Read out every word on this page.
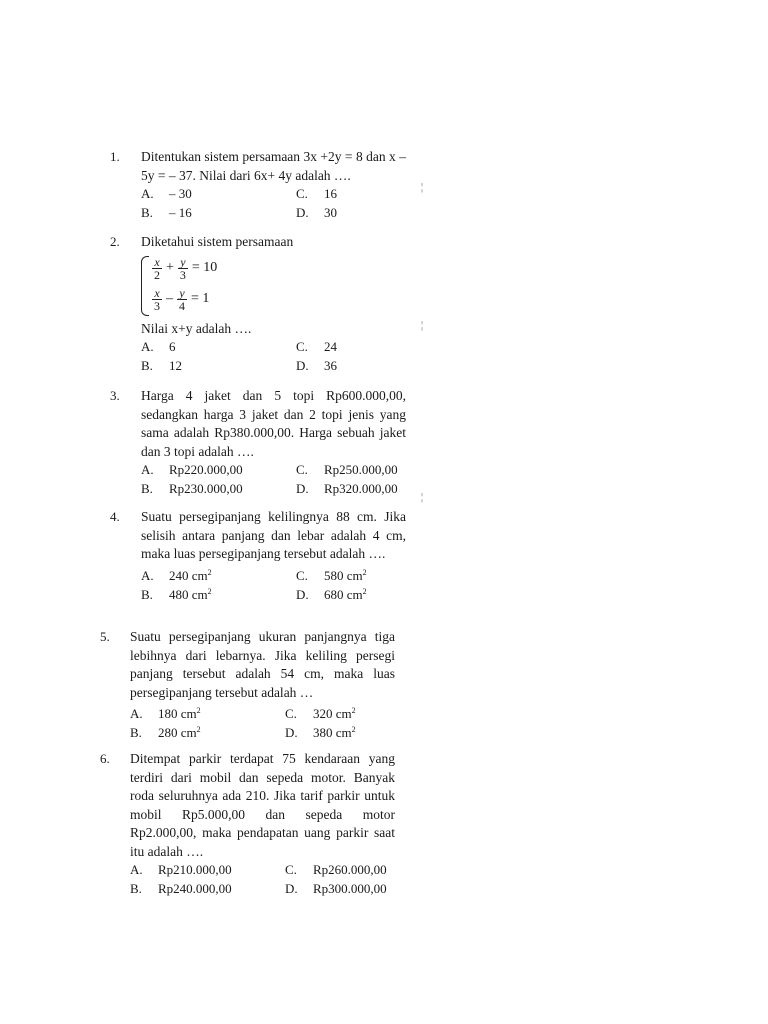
1. Ditentukan sistem persamaan 3x +2y = 8 dan x – 5y = – 37. Nilai dari 6x+ 4y adalah ….
A. – 30	C. 16
B. – 16	D. 30
2. Diketahui sistem persamaan
$\frac{x}{2} + \frac{y}{3} = 10$
$\frac{x}{3} - \frac{y}{4} = 1$
Nilai x+y adalah ….
A. 6	C. 24
B. 12	D. 36
3. Harga 4 jaket dan 5 topi Rp600.000,00, sedangkan harga 3 jaket dan 2 topi jenis yang sama adalah Rp380.000,00. Harga sebuah jaket dan 3 topi adalah ….
A. Rp220.000,00	C. Rp250.000,00
B. Rp230.000,00	D. Rp320.000,00
4. Suatu persegipanjang kelilingnya 88 cm. Jika selisih antara panjang dan lebar adalah 4 cm, maka luas persegipanjang tersebut adalah ….
A. 240 $cm^2$	C. 580 $cm^2$
B. 480 $cm^2$	D. 680 $cm^2$
5. Suatu persegipanjang ukuran panjangnya tiga lebihnya dari lebarnya. Jika keliling persegi panjang tersebut adalah 54 cm, maka luas persegipanjang tersebut adalah …
A. 180 $cm^2$	C. 320 $cm^2$
B. 280 $cm^2$	D. 380 $cm^2$
6. Ditempat parkir terdapat 75 kendaraan yang terdiri dari mobil dan sepeda motor. Banyak roda seluruhnya ada 210. Jika tarif parkir untuk mobil Rp5.000,00 dan sepeda motor Rp2.000,00, maka pendapatan uang parkir saat itu adalah ….
A. Rp210.000,00	C. Rp260.000,00
B. Rp240.000,00	D. Rp300.000,00
¦
¦
¦
